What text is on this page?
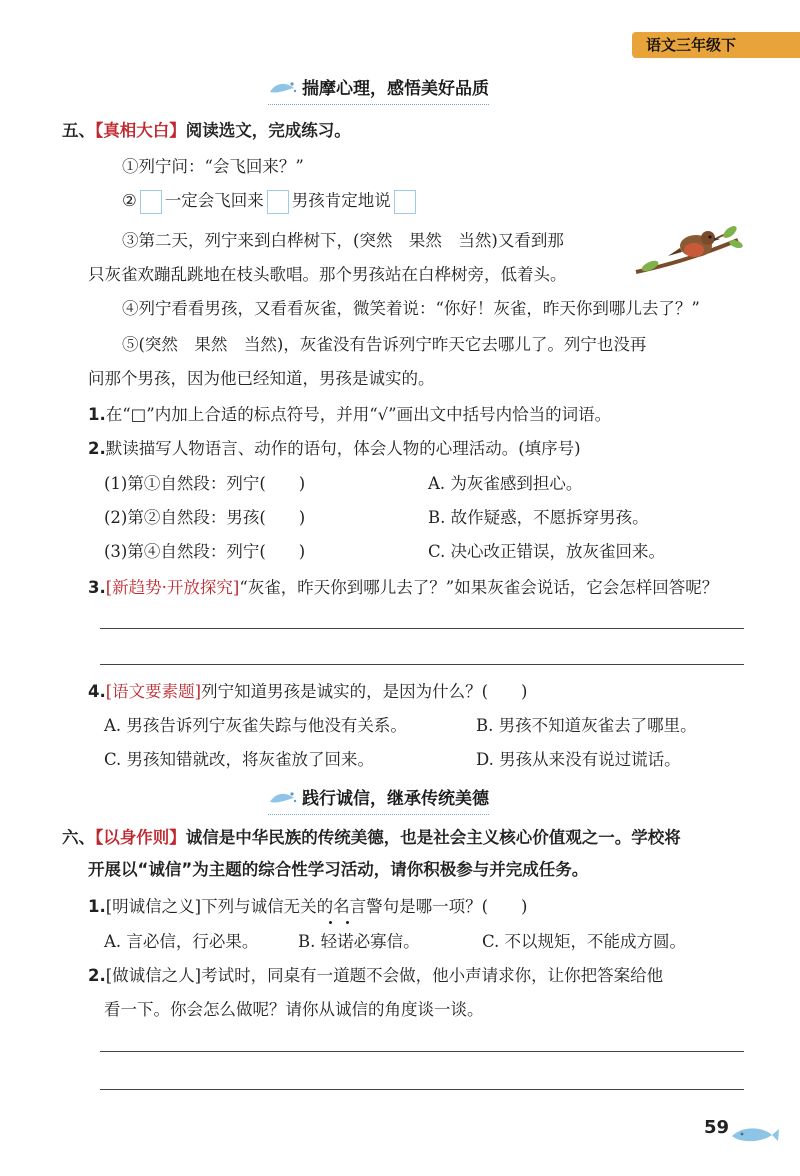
语文三年级下
揣摩心理，感悟美好品质
五、【真相大白】阅读选文，完成练习。
①列宁问：“会飞回来？”
② 一定会飞回来 男孩肯定地说
③第二天，列宁来到白桦树下，(突然　果然　当然)又看到那
只灰雀欢蹦乱跳地在枝头歌唱。那个男孩站在白桦树旁，低着头。
④列宁看看男孩，又看看灰雀，微笑着说：“你好！灰雀，昨天你到哪儿去了？”
⑤(突然　果然　当然)，灰雀没有告诉列宁昨天它去哪儿了。列宁也没再
问那个男孩，因为他已经知道，男孩是诚实的。
1.在“□”内加上合适的标点符号，并用“√”画出文中括号内恰当的词语。
2.默读描写人物语言、动作的语句，体会人物的心理活动。(填序号)
(1)第①自然段：列宁(　　)	A. 为灰雀感到担心。
(2)第②自然段：男孩(　　)	B. 故作疑惑，不愿拆穿男孩。
(3)第④自然段：列宁(　　)	C. 决心改正错误，放灰雀回来。
3.[新趋势·开放探究]“灰雀，昨天你到哪儿去了？”如果灰雀会说话，它会怎样回答呢？
4.[语文要素题]列宁知道男孩是诚实的，是因为什么？(　　)
A. 男孩告诉列宁灰雀失踪与他没有关系。	B. 男孩不知道灰雀去了哪里。
C. 男孩知错就改，将灰雀放了回来。	D. 男孩从来没有说过谎话。
践行诚信，继承传统美德
六、【以身作则】诚信是中华民族的传统美德，也是社会主义核心价值观之一。学校将
开展以“诚信”为主题的综合性学习活动，请你积极参与并完成任务。
1.[明诚信之义]下列与诚信无关的名言警句是哪一项？(　　)
A. 言必信，行必果。 B. 轻诺必寡信。	C. 不以规矩，不能成方圆。
2.[做诚信之人]考试时，同桌有一道题不会做，他小声请求你，让你把答案给他
看一下。你会怎么做呢？请你从诚信的角度谈一谈。
59
